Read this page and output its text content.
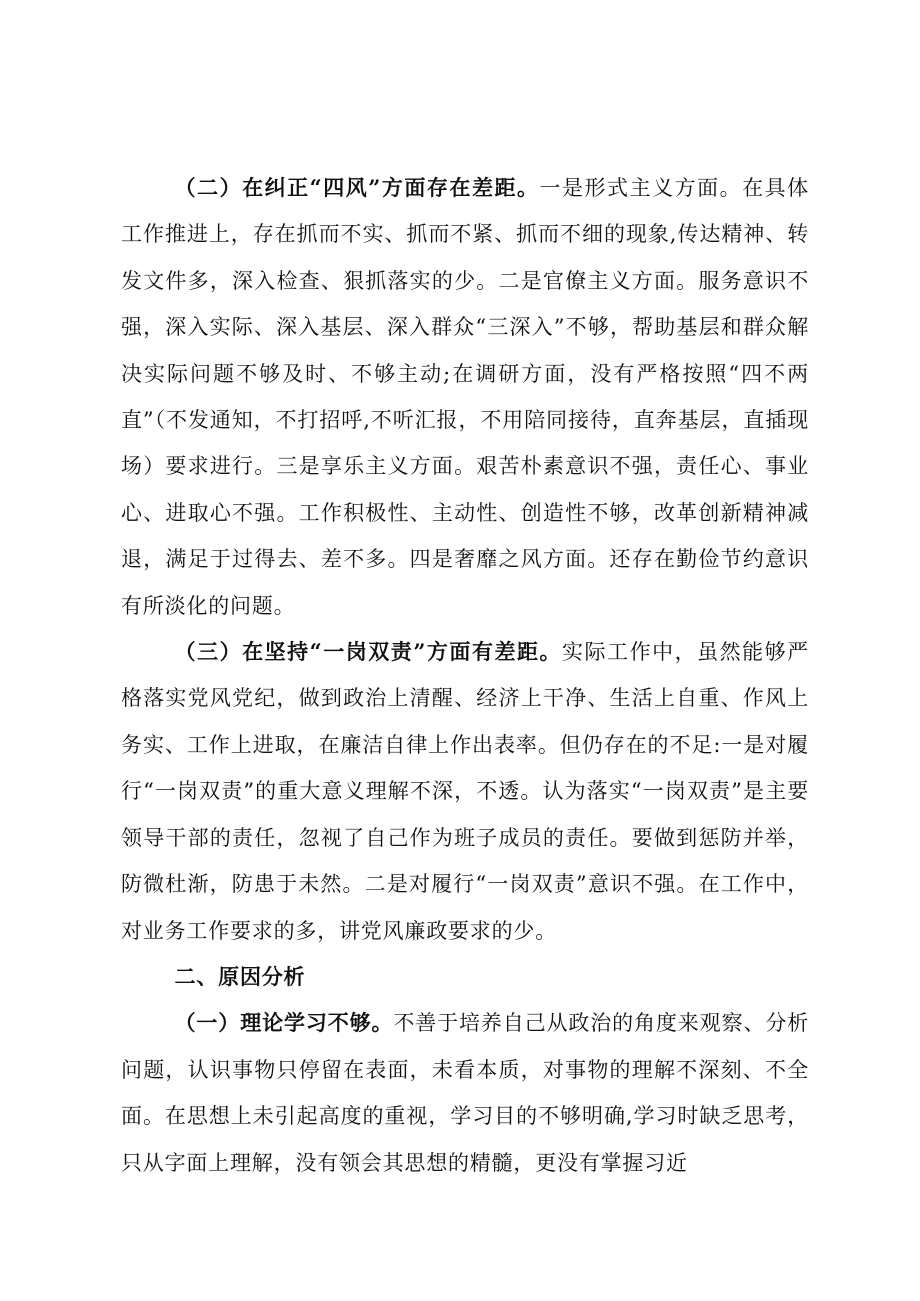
（二）在纠正“四风”方面存在差距。一是形式主义方面。在具体工作推进上，存在抓而不实、抓而不紧、抓而不细的现象,传达精神、转发文件多，深入检查、狠抓落实的少。二是官僚主义方面。服务意识不强，深入实际、深入基层、深入群众“三深入”不够，帮助基层和群众解决实际问题不够及时、不够主动;在调研方面，没有严格按照“四不两直”（不发通知，不打招呼,不听汇报，不用陪同接待，直奔基层，直插现场）要求进行。三是享乐主义方面。艰苦朴素意识不强，责任心、事业心、进取心不强。工作积极性、主动性、创造性不够，改革创新精神减退，满足于过得去、差不多。四是奢靡之风方面。还存在勤俭节约意识有所淡化的问题。

（三）在坚持“一岗双责”方面有差距。实际工作中，虽然能够严格落实党风党纪，做到政治上清醒、经济上干净、生活上自重、作风上务实、工作上进取，在廉洁自律上作出表率。但仍存在的不足:一是对履行“一岗双责”的重大意义理解不深，不透。认为落实“一岗双责”是主要领导干部的责任，忽视了自己作为班子成员的责任。要做到惩防并举，防微杜渐，防患于未然。二是对履行“一岗双责”意识不强。在工作中，对业务工作要求的多，讲党风廉政要求的少。

二、原因分析

（一）理论学习不够。不善于培养自己从政治的角度来观察、分析问题，认识事物只停留在表面，未看本质，对事物的理解不深刻、不全面。在思想上未引起高度的重视，学习目的不够明确,学习时缺乏思考，只从字面上理解，没有领会其思想的精髓，更没有掌握习近
